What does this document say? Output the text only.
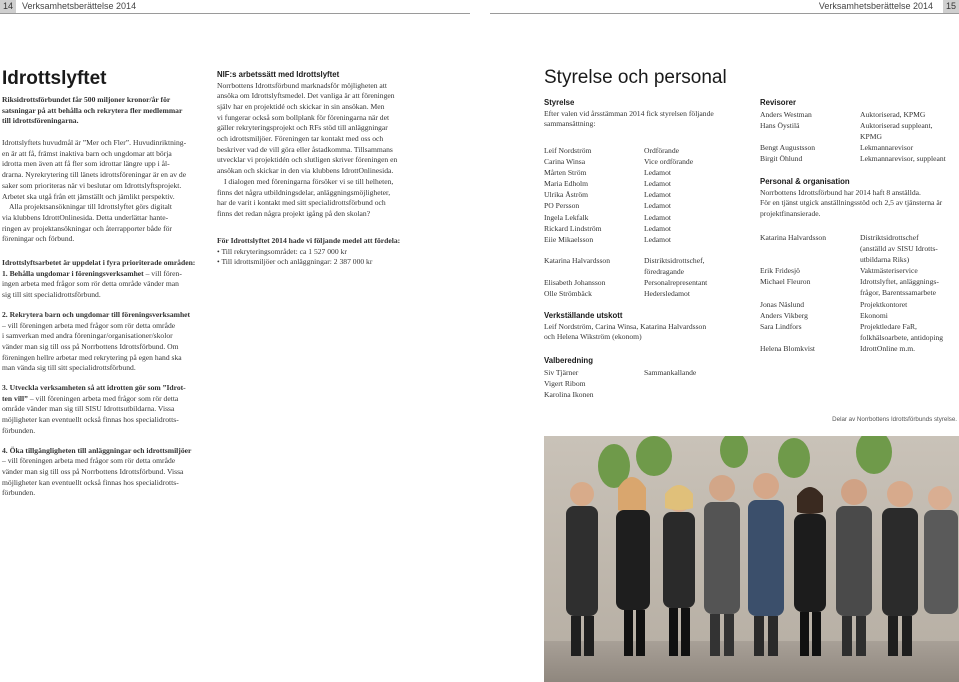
14	Verksamhetsberättelse 2014	Verksamhetsberättelse 2014	15
Idrottslyftet

Riksidrottsförbundet får 500 miljoner kronor/år för

satsningar på att behålla och rekrytera fler medlemmar

till idrottsföreningarna.

Idrottslyftets huvudmål är ”Mer och Fler”. Huvudinriktning-

en är att få, främst inaktiva barn och ungdomar att börja

idrotta men även att få fler som idrottar längre upp i ål-

drarna. Nyrekrytering till länets idrottsföreningar är en av de

saker som prioriteras när vi beslutar om Idrottslyftsprojekt.

Arbetet ska utgå från ett jämställt och jämlikt perspektiv.

Alla projektsansökningar till Idrottslyftet görs digitalt

via klubbens IdrottOnlinesida. Detta underlättar hante-

ringen av projektansökningar och återrapporter både för

föreningar och förbund.

Idrottslyftsarbetet är uppdelat i fyra prioriterade områden:

1. Behålla ungdomar i föreningsverksamhet – vill fören-

ingen arbeta med frågor som rör detta område vänder man

sig till sitt specialidrottsförbund.

2. Rekrytera barn och ungdomar till föreningsverksamhet

– vill föreningen arbeta med frågor som rör detta område

i samverkan med andra föreningar/organisationer/skolor

vänder man sig till oss på Norrbottens Idrottsförbund. Om

föreningen hellre arbetar med rekrytering på egen hand ska

man vända sig till sitt specialidrottsförbund.

3. Utveckla verksamheten så att idrotten gör som ”Idrot-

ten vill” – vill föreningen arbeta med frågor som rör detta

område vänder man sig till SISU Idrottsutbildarna. Vissa

möjligheter kan eventuellt också finnas hos specialidrotts-

förbunden.

4. Öka tillgängligheten till anläggningar och idrottsmiljöer

– vill föreningen arbeta med frågor som rör detta område

vänder man sig till oss på Norrbottens Idrottsförbund. Vissa

möjligheter kan eventuellt också finnas hos specialidrotts-

förbunden.

NIF:s arbetssätt med Idrottslyftet

Norrbottens Idrottsförbund marknadsför möjligheten att

ansöka om Idrottslyftsmedel. Det vanliga är att föreningen

själv har en projektidé och skickar in sin ansökan. Men

vi fungerar också som bollplank för föreningarna när det

gäller rekryteringsprojekt och RFs stöd till anläggningar

och idrottsmiljöer. Föreningen tar kontakt med oss och

beskriver vad de vill göra eller åstadkomma. Tillsammans

utvecklar vi projektidén och slutligen skriver föreningen en

ansökan och skickar in den via klubbens IdrottOnlinesida.

I dialogen med föreningarna försöker vi se till helheten,

finns det några utbildningsdelar, anläggningsmöjligheter,

har de varit i kontakt med sitt specialidrottsförbund och

finns det redan några projekt igång på den skolan?

För Idrottslyftet 2014 hade vi följande medel att fördela:

• Till rekryteringsområdet: ca 1 527 000 kr
• Till idrottsmiljöer och anläggningar: 2 387 000 kr
Styrelse och personal

Styrelse

Efter valen vid årsstämman 2014 fick styrelsen följande

sammansättning:

Leif Nordström	Ordförande
Carina Winsa	Vice ordförande
Mårten Ström	Ledamot
Maria Edholm	Ledamot
Ulrika Åström	Ledamot
PO Persson	Ledamot
Ingela Lekfalk	Ledamot
Rickard Lindström	Ledamot
Eiie Mikaelsson	Ledamot
Katarina Halvardsson	Distriktsidrottschef,
föredragande
Elisabeth Johansson	Personalrepresentant
Olle Strömbäck	Hedersledamot

Verkställande utskott

Leif Nordström, Carina Winsa, Katarina Halvardsson

och Helena Wikström (ekonom)

Valberedning

Siv Tjärner	Sammankallande
Vigert Ribom
Karolina Ikonen

Revisorer

Anders Westman	Auktoriserad, KPMG
Hans Öystilä	Auktoriserad suppleant,
KPMG
Bengt Augustsson	Lekmannarevisor
Birgit Öhlund	Lekmannarevisor, suppleant

Personal & organisation

Norrbottens Idrottsförbund har 2014 haft 8 anställda.

För en tjänst utgick anställningsstöd och 2,5 av tjänsterna är

projektfinansierade.

Katarina Halvardsson	Distriktsidrottschef
(anställd av SISU Idrotts-
utbildarna Riks)
Erik Fridesjö	Vaktmästeriservice
Michael Fleuron	Idrottslyftet, anläggnings-
frågor, Barentssamarbete
Jonas Näslund	Projektkontoret
Anders Vikberg	Ekonomi
Sara Lindfors	Projektledare FaR,
folkhälsoarbete, antidoping
Helena Blomkvist	IdrottOnline m.m.
Delar av Norrbottens Idrottsförbunds styrelse.
